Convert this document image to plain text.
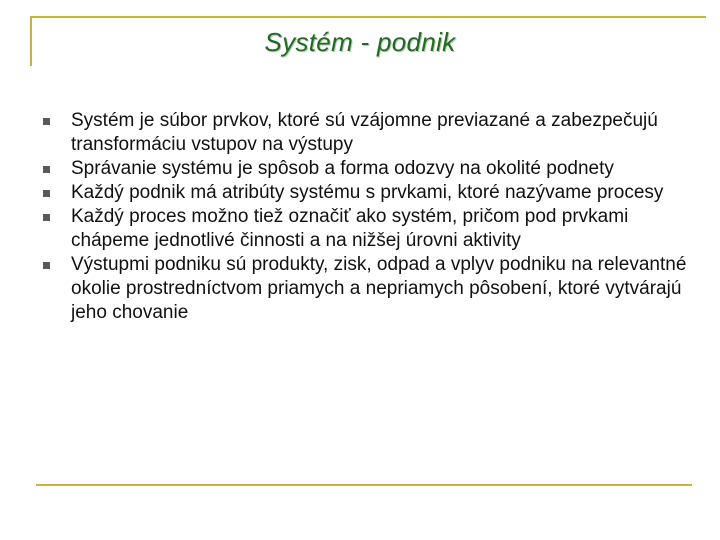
Systém - podnik
Systém je súbor prvkov, ktoré sú vzájomne previazané a zabezpečujú transformáciu vstupov na výstupy
Správanie systému je spôsob a forma odozvy na okolité podnety
Každý podnik má atribúty systému s prvkami, ktoré nazývame procesy
Každý proces možno tiež označiť ako systém, pričom pod prvkami chápeme jednotlivé činnosti a na nižšej úrovni aktivity
Výstupmi podniku sú produkty, zisk, odpad a vplyv podniku na relevantné okolie prostredníctvom priamych a nepriamych pôsobení, ktoré vytvárajú jeho chovanie
